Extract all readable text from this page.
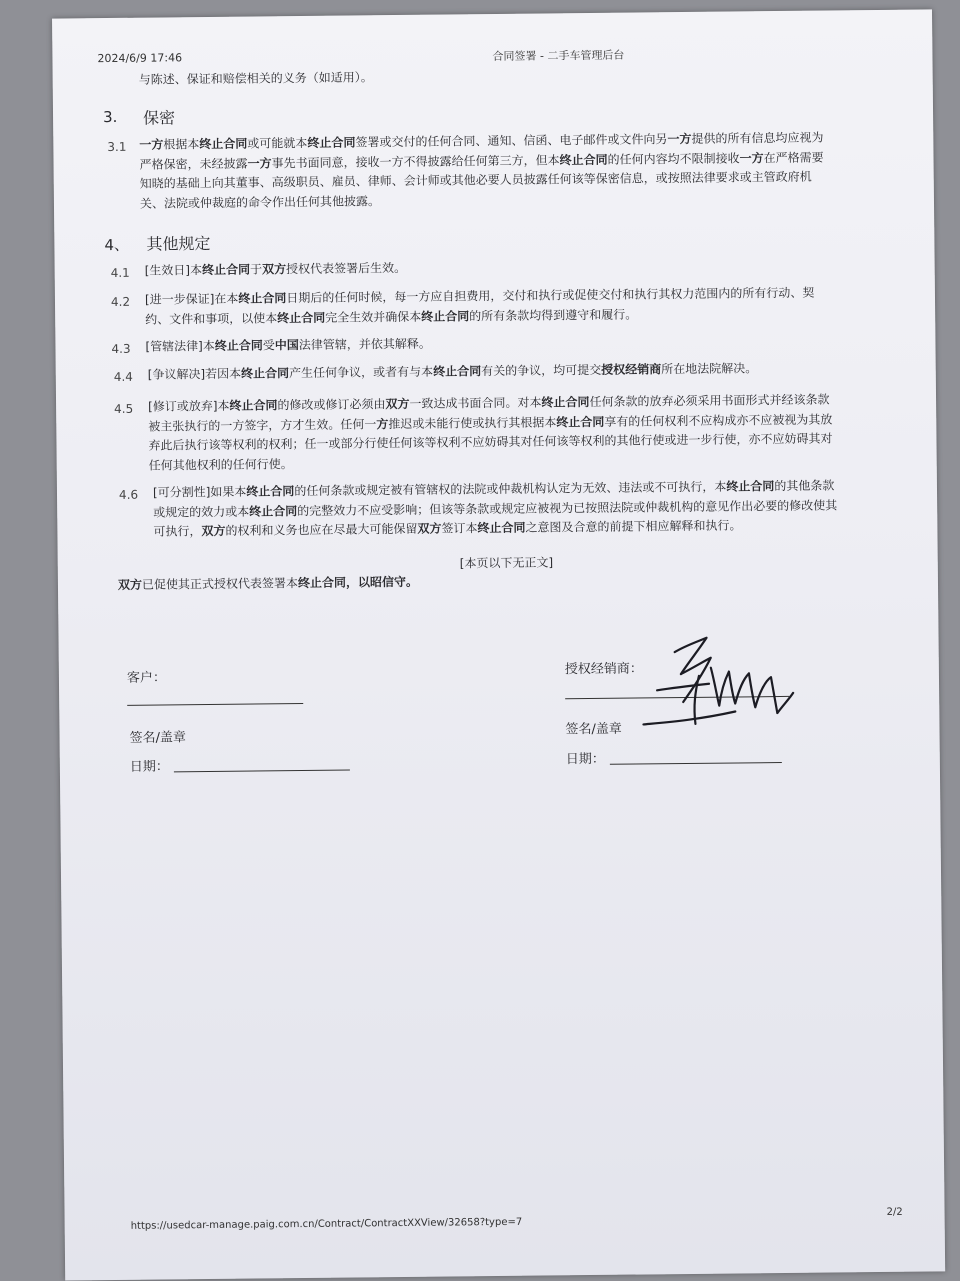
2024/6/9 17:46	合同签署 - 二手车管理后台
与陈述、保证和赔偿相关的义务（如适用）。
3. 保密
3.1 一方根据本终止合同或可能就本终止合同签署或交付的任何合同、通知、信函、电子邮件或文件向另一方提供的所有信息均应视为
严格保密，未经披露一方事先书面同意，接收一方不得披露给任何第三方，但本终止合同的任何内容均不限制接收一方在严格需要
知晓的基础上向其董事、高级职员、雇员、律师、会计师或其他必要人员披露任何该等保密信息，或按照法律要求或主管政府机
关、法院或仲裁庭的命令作出任何其他披露。
4、 其他规定
4.1 [生效日]本终止合同于双方授权代表签署后生效。
4.2 [进一步保证]在本终止合同日期后的任何时候，每一方应自担费用，交付和执行或促使交付和执行其权力范围内的所有行动、契
约、文件和事项，以使本终止合同完全生效并确保本终止合同的所有条款均得到遵守和履行。
4.3 [管辖法律]本终止合同受中国法律管辖，并依其解释。
4.4 [争议解决]若因本终止合同产生任何争议，或者有与本终止合同有关的争议，均可提交授权经销商所在地法院解决。
4.5 [修订或放弃]本终止合同的修改或修订必须由双方一致达成书面合同。对本终止合同任何条款的放弃必须采用书面形式并经该条款
被主张执行的一方签字，方才生效。任何一方推迟或未能行使或执行其根据本终止合同享有的任何权利不应构成亦不应被视为其放
弃此后执行该等权利的权利；任一或部分行使任何该等权利不应妨碍其对任何该等权利的其他行使或进一步行使，亦不应妨碍其对
任何其他权利的任何行使。
4.6 [可分割性]如果本终止合同的任何条款或规定被有管辖权的法院或仲裁机构认定为无效、违法或不可执行，本终止合同的其他条款
或规定的效力或本终止合同的完整效力不应受影响；但该等条款或规定应被视为已按照法院或仲裁机构的意见作出必要的修改使其
可执行，双方的权利和义务也应在尽最大可能保留双方签订本终止合同之意图及合意的前提下相应解释和执行。
[本页以下无正文]
双方已促使其正式授权代表签署本终止合同，以昭信守。
客户：
签名/盖章
日期：
授权经销商：
签名/盖章
日期：
https://usedcar-manage.paig.com.cn/Contract/ContractXXView/32658?type=7
2/2
